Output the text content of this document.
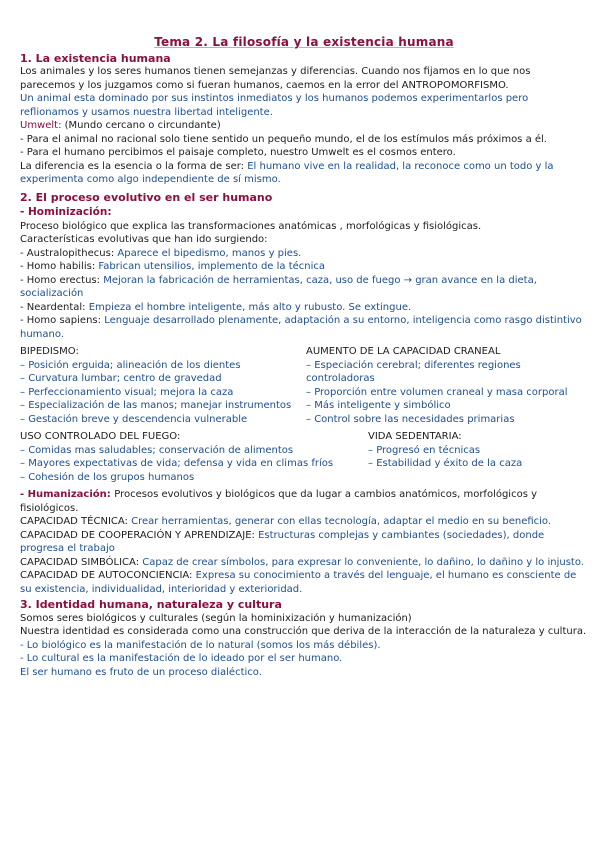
Tema 2. La filosofía y la existencia humana
1. La existencia humana

Los animales y los seres humanos tienen semejanzas y diferencias. Cuando nos fijamos en lo que nos parecemos y los juzgamos como si fueran humanos, caemos en la error del ANTROPOMORFISMO.

Un animal esta dominado por sus instintos inmediatos y los humanos podemos experimentarlos pero reflionamos y usamos nuestra libertad inteligente.

Umwelt: (Mundo cercano o circundante)

- Para el animal no racional solo tiene sentido un pequeño mundo, el de los estímulos más próximos a él.

- Para el humano percibimos el paisaje completo, nuestro Umwelt es el cosmos entero.

La diferencia es la esencia o la forma de ser: El humano vive en la realidad, la reconoce como un todo y la experimenta como algo independiente de sí mismo.

2. El proceso evolutivo en el ser humano
- Hominización:

Proceso biológico que explica las transformaciones anatómicas , morfológicas y fisiológicas.

Características evolutivas que han ido surgiendo:

- Australopithecus: Aparece el bipedismo, manos y pies.

- Homo habilis: Fabrican utensilios, implemento de la técnica

- Homo erectus: Mejoran la fabricación de herramientas, caza, uso de fuego → gran avance en la dieta, socialización

- Neardental: Empieza el hombre inteligente, más alto y rubusto. Se extingue.

- Homo sapiens: Lenguaje desarrollado plenamente, adaptación a su entorno, inteligencia como rasgo distintivo humano.

BIPEDISMO:
– Posición erguida; alineación de los dientes
– Curvatura lumbar; centro de gravedad
– Perfeccionamiento visual; mejora la caza
– Especialización de las manos; manejar instrumentos
– Gestación breve y descendencia vulnerable
AUMENTO DE LA CAPACIDAD CRANEAL
– Especiación cerebral; diferentes regiones controladoras
– Proporción entre volumen craneal y masa corporal
– Más inteligente y simbólico
– Control sobre las necesidades primarias
USO CONTROLADO DEL FUEGO:
– Comidas mas saludables; conservación de alimentos
– Mayores expectativas de vida; defensa y vida en climas fríos
– Cohesión de los grupos humanos
VIDA SEDENTARIA:
– Progresó en técnicas
– Estabilidad y éxito de la caza

- Humanización: Procesos evolutivos y biológicos que da lugar a cambios anatómicos, morfológicos y fisiológicos.

CAPACIDAD TÉCNICA: Crear herramientas, generar con ellas tecnología, adaptar el medio en su beneficio.

CAPACIDAD DE COOPERACIÓN Y APRENDIZAJE: Estructuras complejas y cambiantes (sociedades), donde progresa el trabajo

CAPACIDAD SIMBÓLICA: Capaz de crear símbolos, para expresar lo conveniente, lo dañino, lo dañino y lo injusto.

CAPACIDAD DE AUTOCONCIENCIA: Expresa su conocimiento a través del lenguaje, el humano es consciente de su existencia, individualidad, interioridad y exterioridad.

3. Identidad humana, naturaleza y cultura

Somos seres biológicos y culturales (según la hominixización y humanización)

Nuestra identidad es considerada como una construcción que deriva de la interacción de la naturaleza y cultura. - Lo biológico es la manifestación de lo natural (somos los más débiles).

- Lo cultural es la manifestación de lo ideado por el ser humano.

El ser humano es fruto de un proceso dialéctico.
